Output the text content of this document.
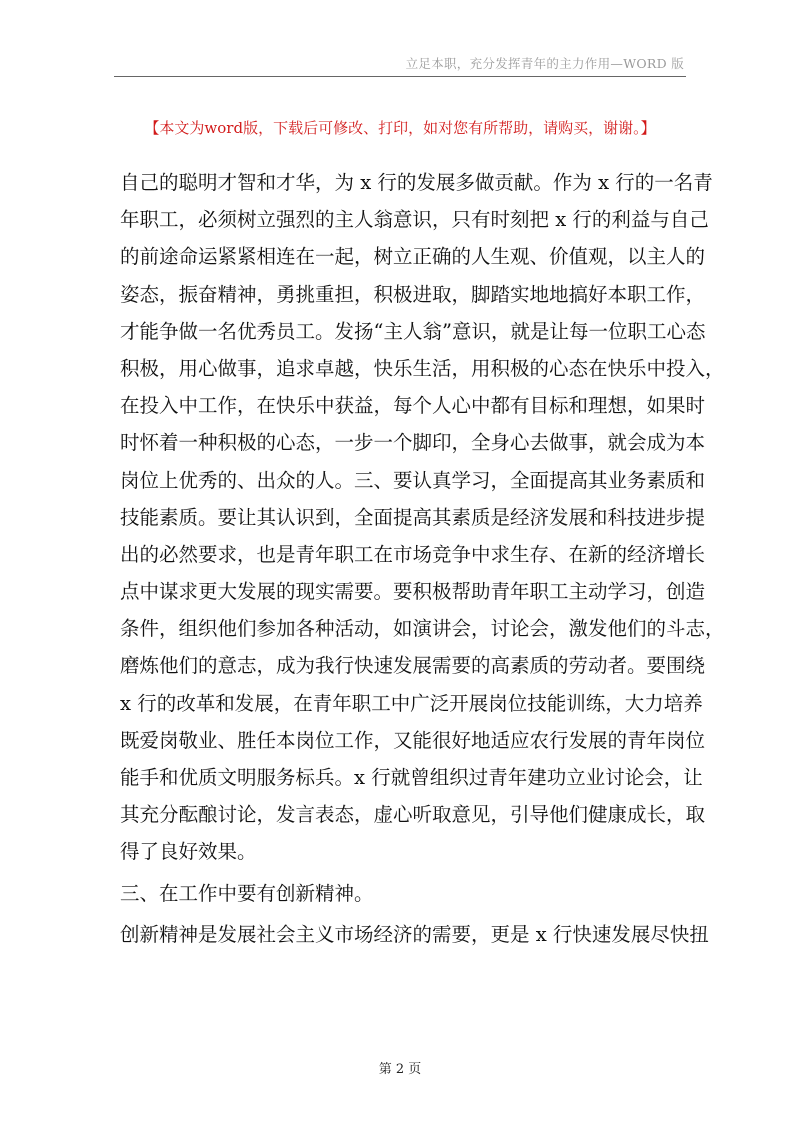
立足本职，充分发挥青年的主力作用—WORD 版
【本文为word版，下载后可修改、打印，如对您有所帮助，请购买，谢谢。】
自己的聪明才智和才华，为 x 行的发展多做贡献。作为 x 行的一名青
年职工，必须树立强烈的主人翁意识，只有时刻把 x 行的利益与自己
的前途命运紧紧相连在一起，树立正确的人生观、价值观，以主人的
姿态，振奋精神，勇挑重担，积极进取，脚踏实地地搞好本职工作，
才能争做一名优秀员工。发扬“主人翁”意识，就是让每一位职工心态
积极，用心做事，追求卓越，快乐生活，用积极的心态在快乐中投入，
在投入中工作，在快乐中获益，每个人心中都有目标和理想，如果时
时怀着一种积极的心态，一步一个脚印，全身心去做事，就会成为本
岗位上优秀的、出众的人。三、要认真学习，全面提高其业务素质和
技能素质。要让其认识到，全面提高其素质是经济发展和科技进步提
出的必然要求，也是青年职工在市场竞争中求生存、在新的经济增长
点中谋求更大发展的现实需要。要积极帮助青年职工主动学习，创造
条件，组织他们参加各种活动，如演讲会，讨论会，激发他们的斗志，
磨炼他们的意志，成为我行快速发展需要的高素质的劳动者。要围绕
x 行的改革和发展，在青年职工中广泛开展岗位技能训练，大力培养
既爱岗敬业、胜任本岗位工作，又能很好地适应农行发展的青年岗位
能手和优质文明服务标兵。x 行就曾组织过青年建功立业讨论会，让
其充分酝酿讨论，发言表态，虚心听取意见，引导他们健康成长，取
得了良好效果。
三、在工作中要有创新精神。
创新精神是发展社会主义市场经济的需要，更是 x 行快速发展尽快扭
第 2 页
